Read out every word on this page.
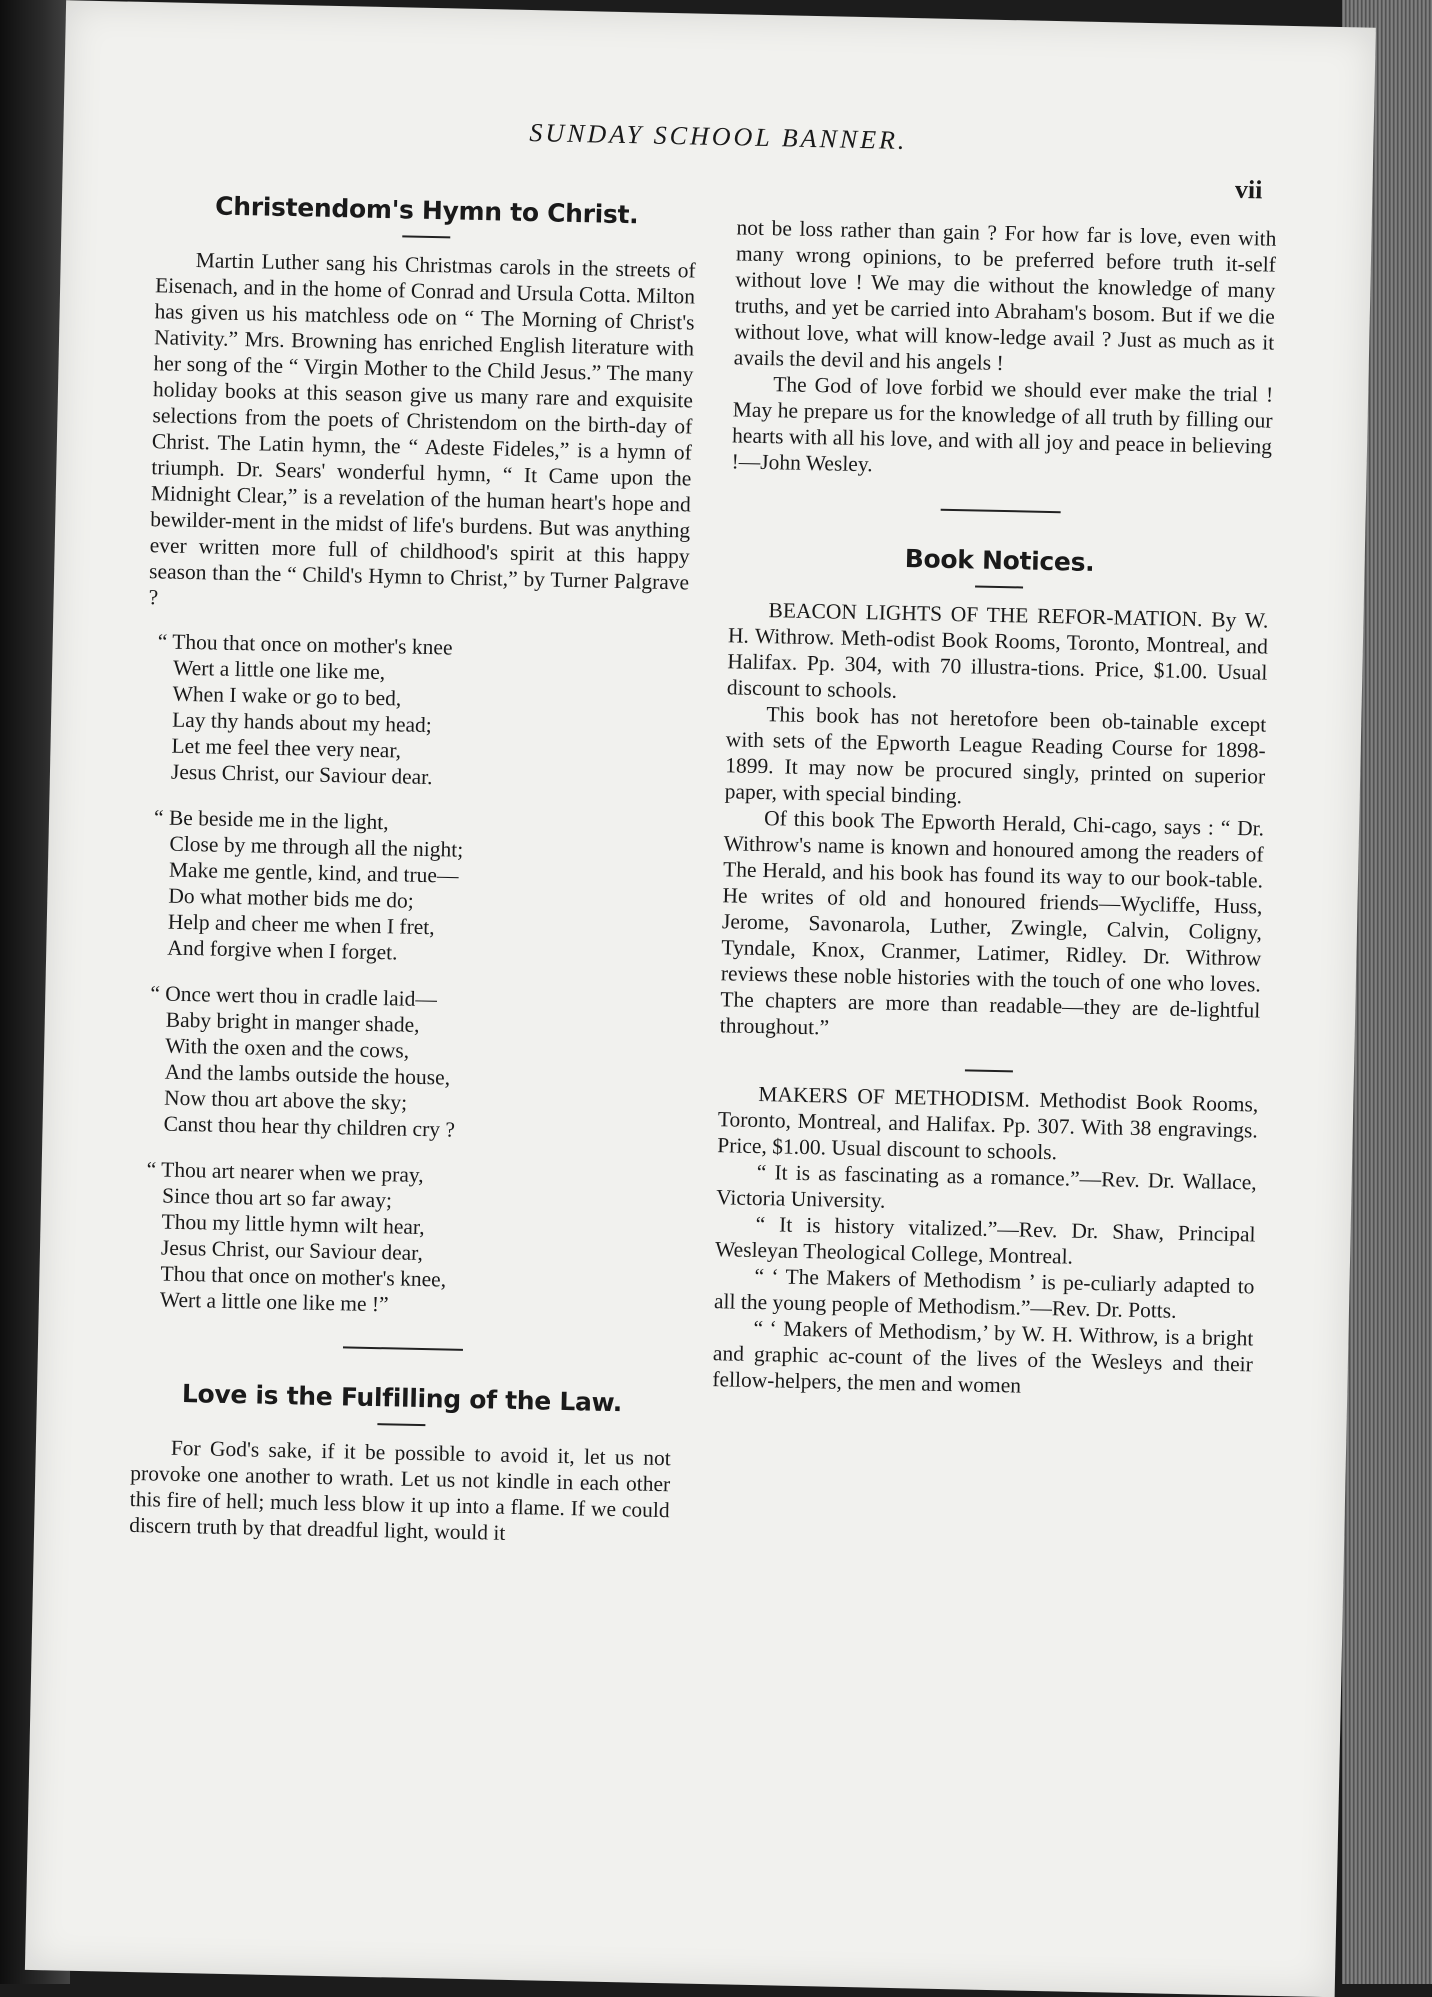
SUNDAY SCHOOL BANNER.
vii
Christendom's Hymn to Christ.

Martin Luther sang his Christmas carols in the streets of Eisenach, and in the home of Conrad and Ursula Cotta. Milton has given us his matchless ode on “ The Morning of Christ's Nativity.” Mrs. Browning has enriched English literature with her song of the “ Virgin Mother to the Child Jesus.” The many holiday books at this season give us many rare and exquisite selections from the poets of Christendom on the birth-day of Christ. The Latin hymn, the “ Adeste Fideles,” is a hymn of triumph. Dr. Sears' wonderful hymn, “ It Came upon the Midnight Clear,” is a revelation of the human heart's hope and bewilder-ment in the midst of life's burdens. But was anything ever written more full of childhood's spirit at this happy season than the “ Child's Hymn to Christ,” by Turner Palgrave ?

“ Thou that once on mother's knee
Wert a little one like me,
When I wake or go to bed,
Lay thy hands about my head;
Let me feel thee very near,
Jesus Christ, our Saviour dear.
“ Be beside me in the light,
Close by me through all the night;
Make me gentle, kind, and true—
Do what mother bids me do;
Help and cheer me when I fret,
And forgive when I forget.
“ Once wert thou in cradle laid—
Baby bright in manger shade,
With the oxen and the cows,
And the lambs outside the house,
Now thou art above the sky;
Canst thou hear thy children cry ?
“ Thou art nearer when we pray,
Since thou art so far away;
Thou my little hymn wilt hear,
Jesus Christ, our Saviour dear,
Thou that once on mother's knee,
Wert a little one like me !”
Love is the Fulfilling of the Law.

For God's sake, if it be possible to avoid it, let us not provoke one another to wrath. Let us not kindle in each other this fire of hell; much less blow it up into a flame. If we could discern truth by that dreadful light, would it

not be loss rather than gain ? For how far is love, even with many wrong opinions, to be preferred before truth it-self without love ! We may die without the knowledge of many truths, and yet be carried into Abraham's bosom. But if we die without love, what will know-ledge avail ? Just as much as it avails the devil and his angels !

The God of love forbid we should ever make the trial ! May he prepare us for the knowledge of all truth by filling our hearts with all his love, and with all joy and peace in believing !—John Wesley.

Book Notices.

BEACON LIGHTS OF THE REFOR-MATION. By W. H. Withrow. Meth-odist Book Rooms, Toronto, Montreal, and Halifax. Pp. 304, with 70 illustra-tions. Price, $1.00. Usual discount to schools.

This book has not heretofore been ob-tainable except with sets of the Epworth League Reading Course for 1898-1899. It may now be procured singly, printed on superior paper, with special binding.

Of this book The Epworth Herald, Chi-cago, says : “ Dr. Withrow's name is known and honoured among the readers of The Herald, and his book has found its way to our book-table. He writes of old and honoured friends—Wycliffe, Huss, Jerome, Savonarola, Luther, Zwingle, Calvin, Coligny, Tyndale, Knox, Cranmer, Latimer, Ridley. Dr. Withrow reviews these noble histories with the touch of one who loves. The chapters are more than readable—they are de-lightful throughout.”

MAKERS OF METHODISM. Methodist Book Rooms, Toronto, Montreal, and Halifax. Pp. 307. With 38 engravings. Price, $1.00. Usual discount to schools.

“ It is as fascinating as a romance.”—Rev. Dr. Wallace, Victoria University.

“ It is history vitalized.”—Rev. Dr. Shaw, Principal Wesleyan Theological College, Montreal.

“ ‘ The Makers of Methodism ’ is pe-culiarly adapted to all the young people of Methodism.”—Rev. Dr. Potts.

“ ‘ Makers of Methodism,’ by W. H. Withrow, is a bright and graphic ac-count of the lives of the Wesleys and their fellow-helpers, the men and women
